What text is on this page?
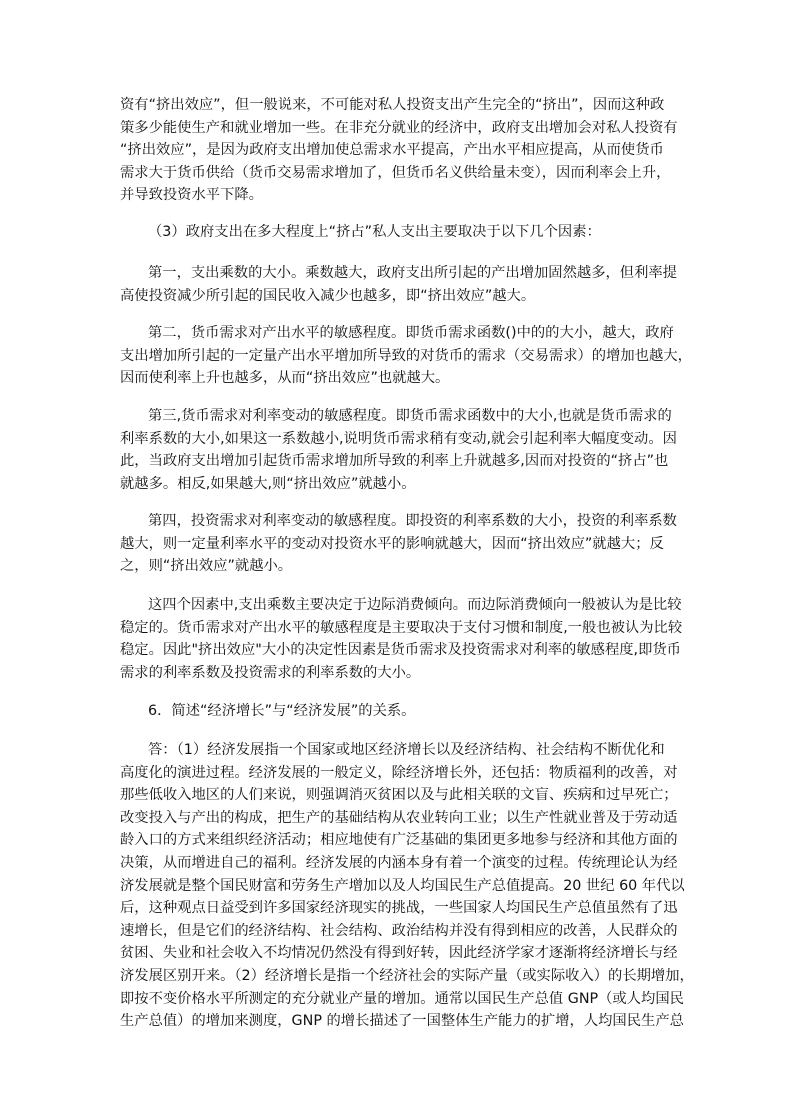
资有“挤出效应”，但一般说来，不可能对私人投资支出产生完全的“挤出”，因而这种政
策多少能使生产和就业增加一些。在非充分就业的经济中，政府支出增加会对私人投资有
“挤出效应”，是因为政府支出增加使总需求水平提高，产出水平相应提高，从而使货币
需求大于货币供给（货币交易需求增加了，但货币名义供给量未变），因而利率会上升，
并导致投资水平下降。
（3）政府支出在多大程度上“挤占”私人支出主要取决于以下几个因素：
第一，支出乘数的大小。乘数越大，政府支出所引起的产出增加固然越多，但利率提
高使投资减少所引起的国民收入减少也越多，即“挤出效应”越大。
第二，货币需求对产出水平的敏感程度。即货币需求函数()中的的大小，越大，政府
支出增加所引起的一定量产出水平增加所导致的对货币的需求（交易需求）的增加也越大，
因而使利率上升也越多，从而“挤出效应”也就越大。
第三,货币需求对利率变动的敏感程度。即货币需求函数中的大小,也就是货币需求的
利率系数的大小,如果这一系数越小,说明货币需求稍有变动,就会引起利率大幅度变动。因
此，当政府支出增加引起货币需求增加所导致的利率上升就越多,因而对投资的“挤占”也
就越多。相反,如果越大,则“挤出效应”就越小。
第四，投资需求对利率变动的敏感程度。即投资的利率系数的大小，投资的利率系数
越大，则一定量利率水平的变动对投资水平的影响就越大，因而“挤出效应”就越大；反
之，则“挤出效应”就越小。
这四个因素中,支出乘数主要决定于边际消费倾向。而边际消费倾向一般被认为是比较
稳定的。货币需求对产出水平的敏感程度是主要取决于支付习惯和制度,一般也被认为比较
稳定。因此"挤出效应"大小的决定性因素是货币需求及投资需求对利率的敏感程度,即货币
需求的利率系数及投资需求的利率系数的大小。
6．简述“经济增长”与“经济发展”的关系。
答：（1）经济发展指一个国家或地区经济增长以及经济结构、社会结构不断优化和
高度化的演进过程。经济发展的一般定义，除经济增长外，还包括：物质福利的改善，对
那些低收入地区的人们来说，则强调消灭贫困以及与此相关联的文盲、疾病和过早死亡；
改变投入与产出的构成，把生产的基础结构从农业转向工业；以生产性就业普及于劳动适
龄入口的方式来组织经济活动；相应地使有广泛基础的集团更多地参与经济和其他方面的
决策，从而增进自己的福利。经济发展的内涵本身有着一个演变的过程。传统理论认为经
济发展就是整个国民财富和劳务生产增加以及人均国民生产总值提高。20 世纪 60 年代以
后，这种观点日益受到许多国家经济现实的挑战，一些国家人均国民生产总值虽然有了迅
速增长，但是它们的经济结构、社会结构、政治结构并没有得到相应的改善，人民群众的
贫困、失业和社会收入不均情况仍然没有得到好转，因此经济学家才逐渐将经济增长与经
济发展区别开来。（2）经济增长是指一个经济社会的实际产量（或实际收入）的长期增加，
即按不变价格水平所测定的充分就业产量的增加。通常以国民生产总值 GNP（或人均国民
生产总值）的增加来测度，GNP 的增长描述了一国整体生产能力的扩增，人均国民生产总
